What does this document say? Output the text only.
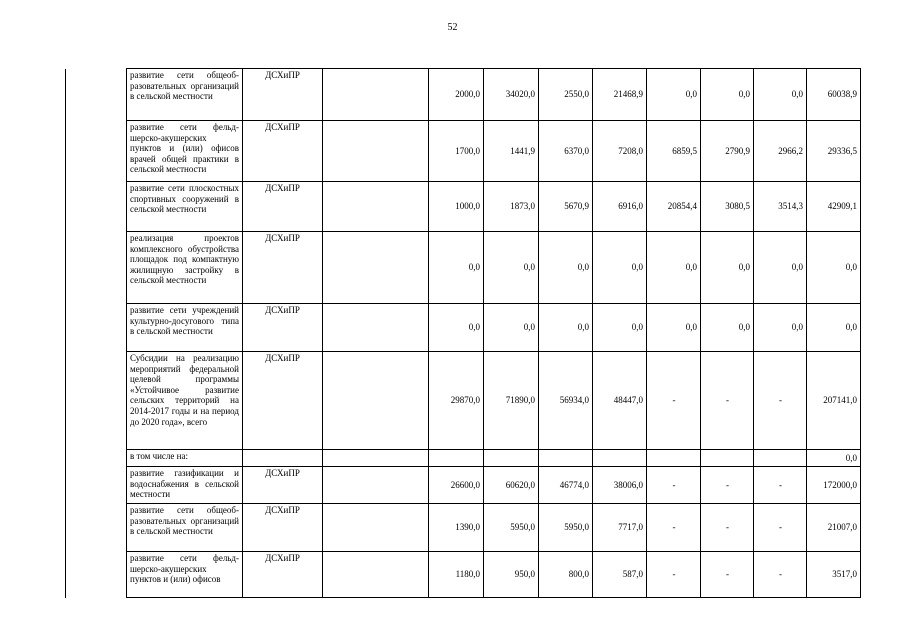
52
	развитие сети общеобразовательных организаций в сельской местности	ДСХиПР		2000,0	34020,0	2550,0	21468,9	0,0	0,0	0,0	60038,9
	развитие сети фельдшерско-акушерских пунктов и (или) офисов врачей общей практики в сельской местности	ДСХиПР		1700,0	1441,9	6370,0	7208,0	6859,5	2790,9	2966,2	29336,5
	развитие сети плоскостных спортивных сооружений в сельской местности	ДСХиПР		1000,0	1873,0	5670,9	6916,0	20854,4	3080,5	3514,3	42909,1
	реализация проектов комплексного обустройства площадок под компактную жилищную застройку в сельской местности	ДСХиПР		0,0	0,0	0,0	0,0	0,0	0,0	0,0	0,0
	развитие сети учреждений культурно-досугового типа в сельской местности	ДСХиПР		0,0	0,0	0,0	0,0	0,0	0,0	0,0	0,0
	Субсидии на реализацию мероприятий федеральной целевой программы «Устойчивое развитие сельских территорий на 2014-2017 годы и на период до 2020 года», всего	ДСХиПР		29870,0	71890,0	56934,0	48447,0	-	-	-	207141,0
	в том числе на:										0,0
	развитие газификации и водоснабжения в сельской местности	ДСХиПР		26600,0	60620,0	46774,0	38006,0	-	-	-	172000,0
	развитие сети общеобразовательных организаций в сельской местности	ДСХиПР		1390,0	5950,0	5950,0	7717,0	-	-	-	21007,0
	развитие сети фельдшерско-акушерских пунктов и (или) офисов	ДСХиПР		1180,0	950,0	800,0	587,0	-	-	-	3517,0
